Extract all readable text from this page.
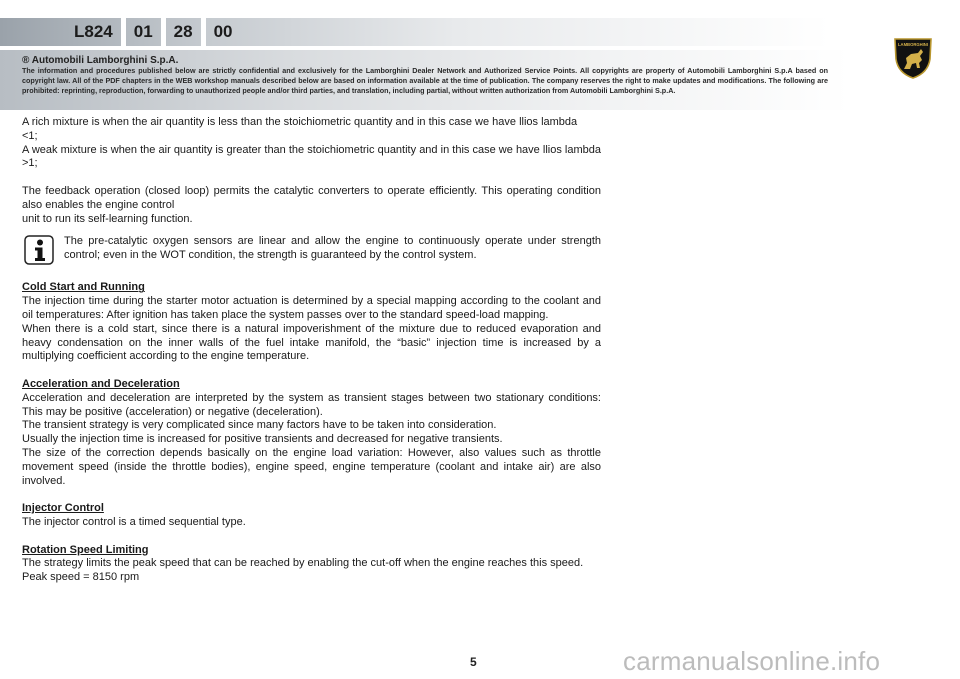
L824	01	28	00
® Automobili Lamborghini S.p.A.
The information and procedures published below are strictly confidential and exclusively for the Lamborghini Dealer Network and Authorized Service Points. All copyrights are property of Automobili Lamborghini S.p.A based on copyright law. All of the PDF chapters in the WEB workshop manuals described below are based on information available at the time of publication. The company reserves the right to make updates and modifications. The following are prohibited: reprinting, reproduction, forwarding to unauthorized people and/or third parties, and translation, including partial, without written authorization from Automobili Lamborghini S.p.A.
LAMBORGHINI

A rich mixture is when the air quantity is less than the stoichiometric quantity and in this case we have llios lambda

<1;

A weak mixture is when the air quantity is greater than the stoichiometric quantity and in this case we have llios lambda >1;

The feedback operation (closed loop) permits the catalytic converters to operate efficiently. This operating condition also enables the engine control

unit to run its self-learning function.

The pre-catalytic oxygen sensors are linear and allow the engine to continuously operate under strength control; even in the WOT condition, the strength is guaranteed by the control system.

Cold Start and Running

The injection time during the starter motor actuation is determined by a special mapping according to the coolant and oil temperatures: After ignition has taken place the system passes over to the standard speed-load mapping.

When there is a cold start, since there is a natural impoverishment of the mixture due to reduced evaporation and heavy condensation on the inner walls of the fuel intake manifold, the “basic” injection time is increased by a multiplying coefficient according to the engine temperature.

Acceleration and Deceleration

Acceleration and deceleration are interpreted by the system as transient stages between two stationary conditions: This may be positive (acceleration) or negative (deceleration).

The transient strategy is very complicated since many factors have to be taken into consideration.

Usually the injection time is increased for positive transients and decreased for negative transients.

The size of the correction depends basically on the engine load variation: However, also values such as throttle movement speed (inside the throttle bodies), engine speed, engine temperature (coolant and intake air) are also involved.

Injector Control

The injector control is a timed sequential type.

Rotation Speed Limiting

The strategy limits the peak speed that can be reached by enabling the cut-off when the engine reaches this speed.

Peak speed = 8150 rpm

5	carmanualsonline.info
